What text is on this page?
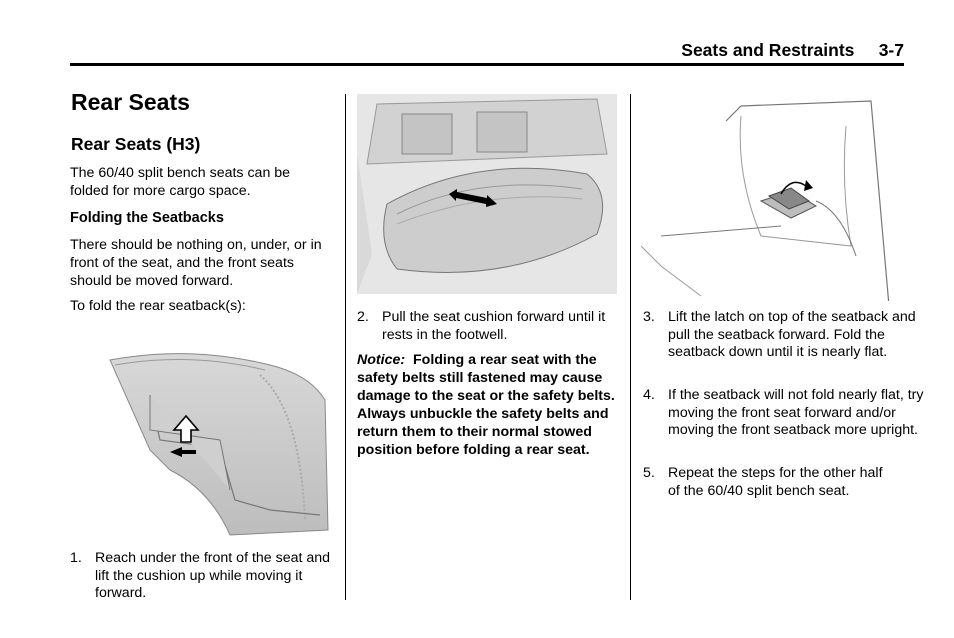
Seats and Restraints 3-7
Rear Seats
Rear Seats (H3)
The 60/40 split bench seats can be folded for more cargo space.
Folding the Seatbacks
There should be nothing on, under, or in front of the seat, and the front seats should be moved forward.
To fold the rear seatback(s):
1. Reach under the front of the seat and lift the cushion up while moving it forward.
2. Pull the seat cushion forward until it rests in the footwell.
Notice: Folding a rear seat with the safety belts still fastened may cause damage to the seat or the safety belts. Always unbuckle the safety belts and return them to their normal stowed position before folding a rear seat.
3. Lift the latch on top of the seatback and pull the seatback forward. Fold the seatback down until it is nearly flat.
4. If the seatback will not fold nearly flat, try moving the front seat forward and/or moving the front seatback more upright.
5. Repeat the steps for the other half of the 60/40 split bench seat.
